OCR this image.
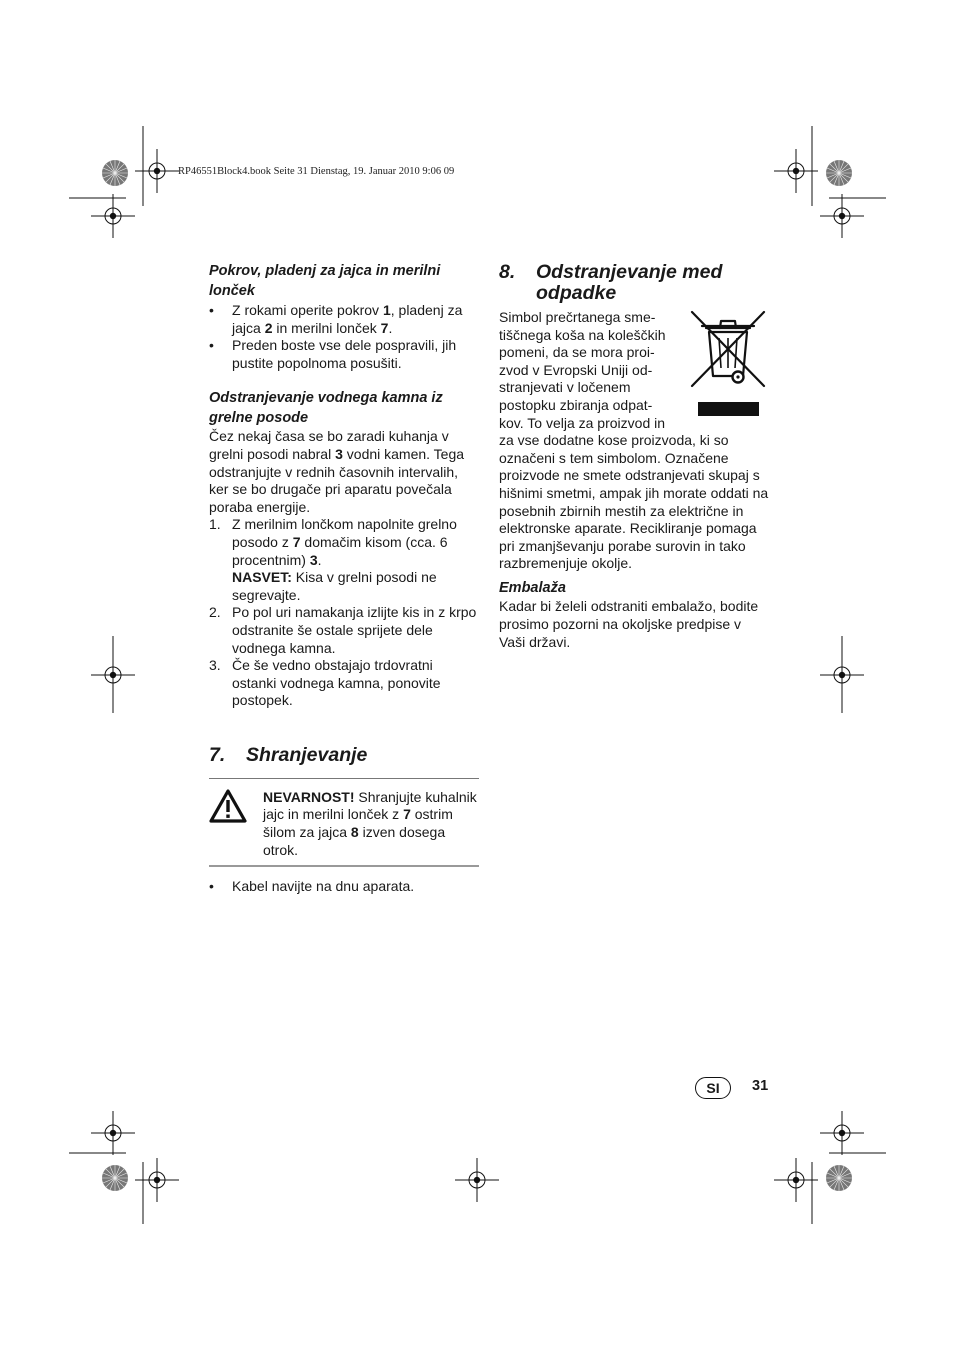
RP46551Block4.book Seite 31 Dienstag, 19. Januar 2010 9:06 09
Pokrov, pladenj za jajca in merilni lonček
• Z rokami operite pokrov 1, pladenj za jajca 2 in merilni lonček 7.
• Preden boste vse dele pospravili, jih pustite popolnoma posušiti.
Odstranjevanje vodnega kamna iz grelne posode

Čez nekaj časa se bo zaradi kuhanja v grelni posodi nabral 3 vodni kamen. Tega odstranjujte v rednih časovnih intervalih, ker se bo drugače pri aparatu povečala poraba energije.

1. Z merilnim lončkom napolnite grelno posodo z 7 domačim kisom (cca. 6 procentnim) 3.
NASVET: Kisa v grelni posodi ne segrevajte.
2. Po pol uri namakanja izlijte kis in z krpo odstranite še ostale sprijete dele vodnega kamna.
3. Če še vedno obstajajo trdovratni ostanki vodnega kamna, ponovite postopek.
7.	Shranjevanje
NEVARNOST! Shranjujte kuhalnik jajc in merilni lonček z 7 ostrim šilom za jajca 8 izven dosega otrok.
• Kabel navijte na dnu aparata.
8.	Odstranjevanje med odpadke
Simbol prečrtanega sme-
tiščnega koša na koleščkih
pomeni, da se mora proi-
zvod v Evropski Uniji od-
stranjevati v ločenem
postopku zbiranja odpat-
kov. To velja za proizvod in

za vse dodatne kose proizvoda, ki so označeni s tem simbolom. Označene proizvode ne smete odstranjevati skupaj s hišnimi smetmi, ampak jih morate oddati na posebnih zbirnih mestih za električne in elektronske aparate. Recikliranje pomaga pri zmanjševanju porabe surovin in tako razbremenjuje okolje.

Embalaža

Kadar bi želeli odstraniti embalažo, bodite prosimo pozorni na okoljske predpise v Vaši državi.

SI	31
